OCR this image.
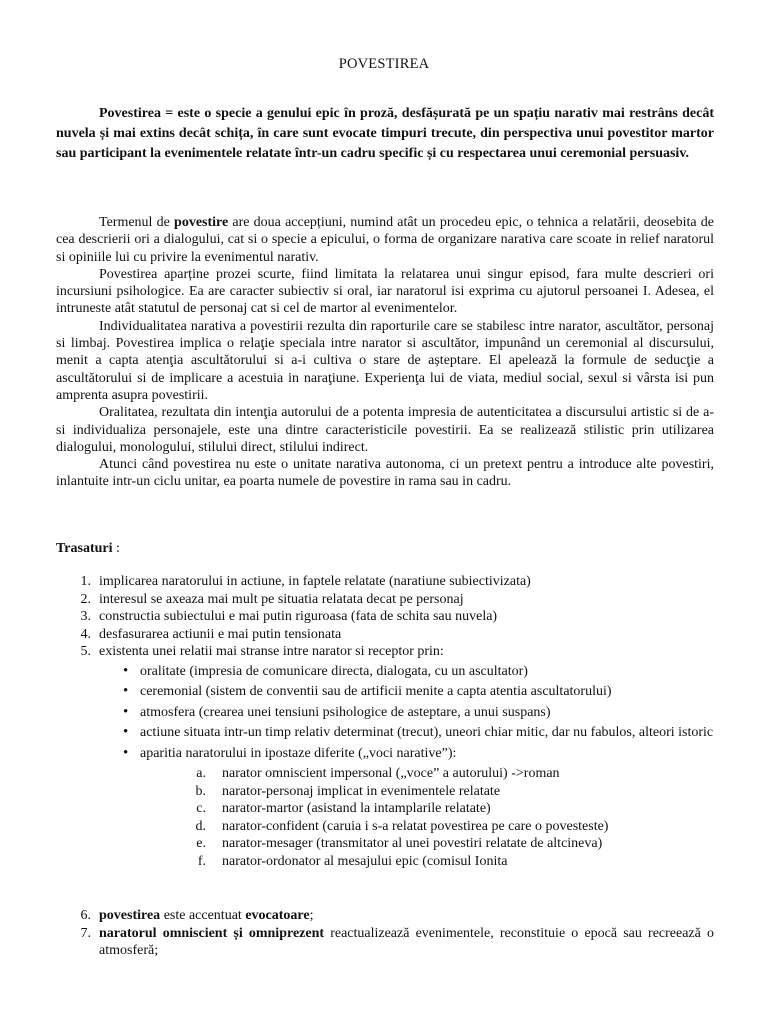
POVESTIREA
Povestirea = este o specie a genului epic în proză, desfășurată pe un spațiu narativ mai restrâns decât nuvela și mai extins decât schița, în care sunt evocate timpuri trecute, din perspectiva unui povestitor martor sau participant la evenimentele relatate într-un cadru specific și cu respectarea unui ceremonial persuasiv.

Termenul de povestire are doua accepțiuni, numind atât un procedeu epic, o tehnica a relatării, deosebita de cea descrierii ori a dialogului, cat si o specie a epicului, o forma de organizare narativa care scoate in relief naratorul si opiniile lui cu privire la evenimentul narativ.

Povestirea aparține prozei scurte, fiind limitata la relatarea unui singur episod, fara multe descrieri ori incursiuni psihologice. Ea are caracter subiectiv si oral, iar naratorul isi exprima cu ajutorul persoanei I. Adesea, el intruneste atât statutul de personaj cat si cel de martor al evenimentelor.

Individualitatea narativa a povestirii rezulta din raporturile care se stabilesc intre narator, ascultător, personaj si limbaj. Povestirea implica o relaţie speciala intre narator si ascultător, impunând un ceremonial al discursului, menit a capta atenţia ascultătorului si a-i cultiva o stare de așteptare. El apelează la formule de seducţie a ascultătorului si de implicare a acestuia in naraţiune. Experienţa lui de viata, mediul social, sexul si vârsta isi pun amprenta asupra povestirii.

Oralitatea, rezultata din intenţia autorului de a potenta impresia de autenticitatea a discursului artistic si de a-si individualiza personajele, este una dintre caracteristicile povestirii. Ea se realizează stilistic prin utilizarea dialogului, monologului, stilului direct, stilului indirect.

Atunci când povestirea nu este o unitate narativa autonoma, ci un pretext pentru a introduce alte povestiri, inlantuite intr-un ciclu unitar, ea poarta numele de povestire in rama sau in cadru.

Trasaturi :
1. implicarea naratorului in actiune, in faptele relatate (naratiune subiectivizata)
2. interesul se axeaza mai mult pe situatia relatata decat pe personaj
3. constructia subiectului e mai putin riguroasa (fata de schita sau nuvela)
4. desfasurarea actiunii e mai putin tensionata
5. existenta unei relatii mai stranse intre narator si receptor prin:
•
oralitate (impresia de comunicare directa, dialogata, cu un ascultator)
•
ceremonial (sistem de conventii sau de artificii menite a capta atentia ascultatorului)
•
atmosfera (crearea unei tensiuni psihologice de asteptare, a unui suspans)
•
actiune situata intr-un timp relativ determinat (trecut), uneori chiar mitic, dar nu fabulos, alteori istoric
•
aparitia naratorului in ipostaze diferite („voci narative”):
a.	narator omniscient impersonal („voce” a autorului) ->roman
b.	narator-personaj implicat in evenimentele relatate
c.	narator-martor (asistand la intamplarile relatate)
d.	narator-confident (caruia i s-a relatat povestirea pe care o povesteste)
e.	narator-mesager (transmitator al unei povestiri relatate de altcineva)
f.	narator-ordonator al mesajului epic (comisul Ionita
6. povestirea este accentuat evocatoare;
7. naratorul omniscient și omniprezent reactualizează evenimentele, reconstituie o epocă sau recreează o atmosferă;
